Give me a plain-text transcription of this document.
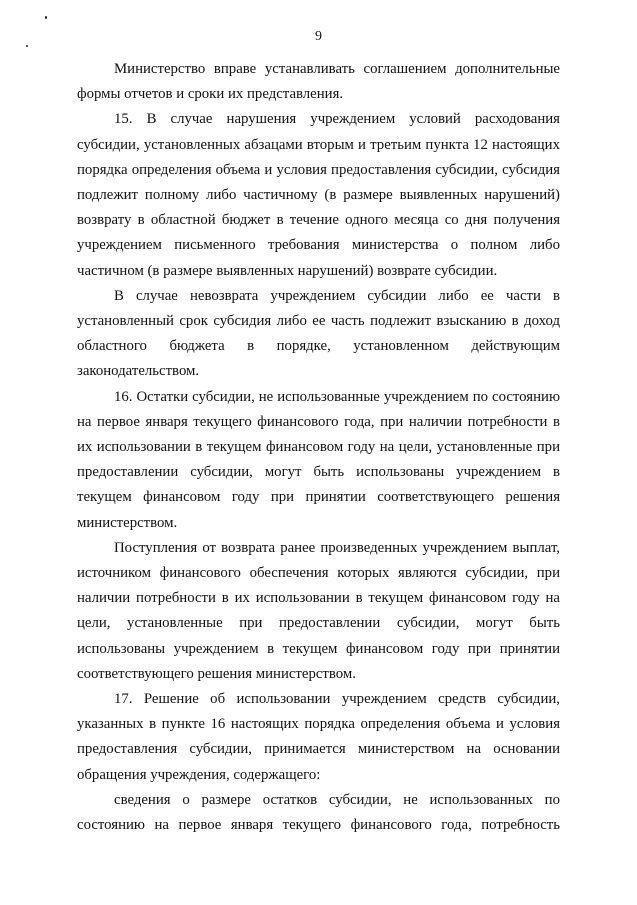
9

Министерство вправе устанавливать соглашением дополнительные формы отчетов и сроки их представления.

15. В случае нарушения учреждением условий расходования субсидии, установленных абзацами вторым и третьим пункта 12 настоящих порядка определения объема и условия предоставления субсидии, субсидия подлежит полному либо частичному (в размере выявленных нарушений) возврату в областной бюджет в течение одного месяца со дня получения учреждением письменного требования министерства о полном либо частичном (в размере выявленных нарушений) возврате субсидии.

В случае невозврата учреждением субсидии либо ее части в установленный срок субсидия либо ее часть подлежит взысканию в доход областного бюджета в порядке, установленном действующим законодательством.

16. Остатки субсидии, не использованные учреждением по состоянию на первое января текущего финансового года, при наличии потребности в их использовании в текущем финансовом году на цели, установленные при предоставлении субсидии, могут быть использованы учреждением в текущем финансовом году при принятии соответствующего решения министерством.

Поступления от возврата ранее произведенных учреждением выплат, источником финансового обеспечения которых являются субсидии, при наличии потребности в их использовании в текущем финансовом году на цели, установленные при предоставлении субсидии, могут быть использованы учреждением в текущем финансовом году при принятии соответствующего решения министерством.

17. Решение об использовании учреждением средств субсидии, указанных в пункте 16 настоящих порядка определения объема и условия предоставления субсидии, принимается министерством на основании обращения учреждения, содержащего:

сведения о размере остатков субсидии, не использованных по состоянию на первое января текущего финансового года, потребность
